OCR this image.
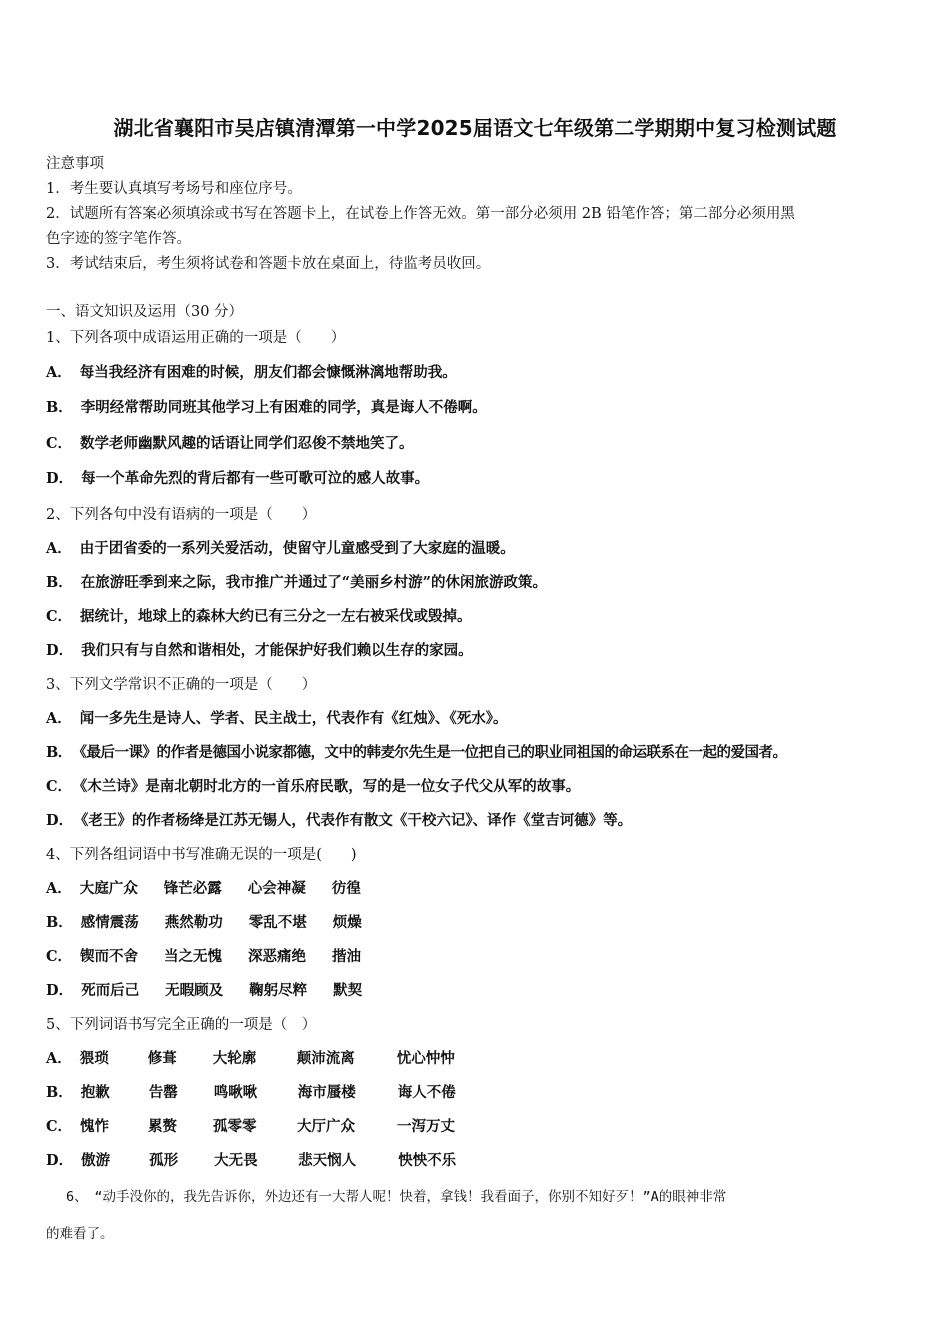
湖北省襄阳市吴店镇清潭第一中学2025届语文七年级第二学期期中复习检测试题
注意事项
1．考生要认真填写考场号和座位序号。
2．试题所有答案必须填涂或书写在答题卡上，在试卷上作答无效。第一部分必须用 2B 铅笔作答；第二部分必须用黑
色字迹的签字笔作答。
3．考试结束后，考生须将试卷和答题卡放在桌面上，待监考员收回。
一、语文知识及运用（30 分）
1、下列各项中成语运用正确的一项是（　　）
A． 每当我经济有困难的时候，朋友们都会慷慨淋漓地帮助我。
B． 李明经常帮助同班其他学习上有困难的同学，真是诲人不倦啊。
C． 数学老师幽默风趣的话语让同学们忍俊不禁地笑了。
D． 每一个革命先烈的背后都有一些可歌可泣的感人故事。
2、下列各句中没有语病的一项是（　　）
A． 由于团省委的一系列关爱活动，使留守儿童感受到了大家庭的温暖。
B． 在旅游旺季到来之际，我市推广并通过了“美丽乡村游”的休闲旅游政策。
C． 据统计，地球上的森林大约已有三分之一左右被采伐或毁掉。
D． 我们只有与自然和谐相处，才能保护好我们赖以生存的家园。
3、下列文学常识不正确的一项是（　　）
A． 闻一多先生是诗人、学者、民主战士，代表作有《红烛》、《死水》。
B． 《最后一课》的作者是德国小说家都德，文中的韩麦尔先生是一位把自己的职业同祖国的命运联系在一起的爱国者。
C． 《木兰诗》是南北朝时北方的一首乐府民歌，写的是一位女子代父从军的故事。
D． 《老王》的作者杨绛是江苏无锡人，代表作有散文《干校六记》、译作《堂吉诃德》等。
4、下列各组词语中书写准确无误的一项是(　　)
A． 大庭广众 锋芒必露 心会神凝 彷徨
B． 感情震荡 燕然勒功 零乱不堪 烦燥
C． 锲而不舍 当之无愧 深恶痛绝 揩油
D． 死而后己 无暇顾及 鞠躬尽粹 默契
5、下列词语书写完全正确的一项是（　）
A． 猥琐	修葺 大轮廓	颠沛流离	忧心忡忡
B． 抱歉	告罄 鸣啾啾	海市蜃楼	诲人不倦
C． 愧怍	累赘 孤零零	大厅广众	一泻万丈
D． 傲游	孤形 大无畏	悲天悯人	怏怏不乐
6、　“动手没你的，我先告诉你，外边还有一大帮人呢！快着，拿钱！我看面子，你别不知好歹！”A的眼神非常
的难看了。
